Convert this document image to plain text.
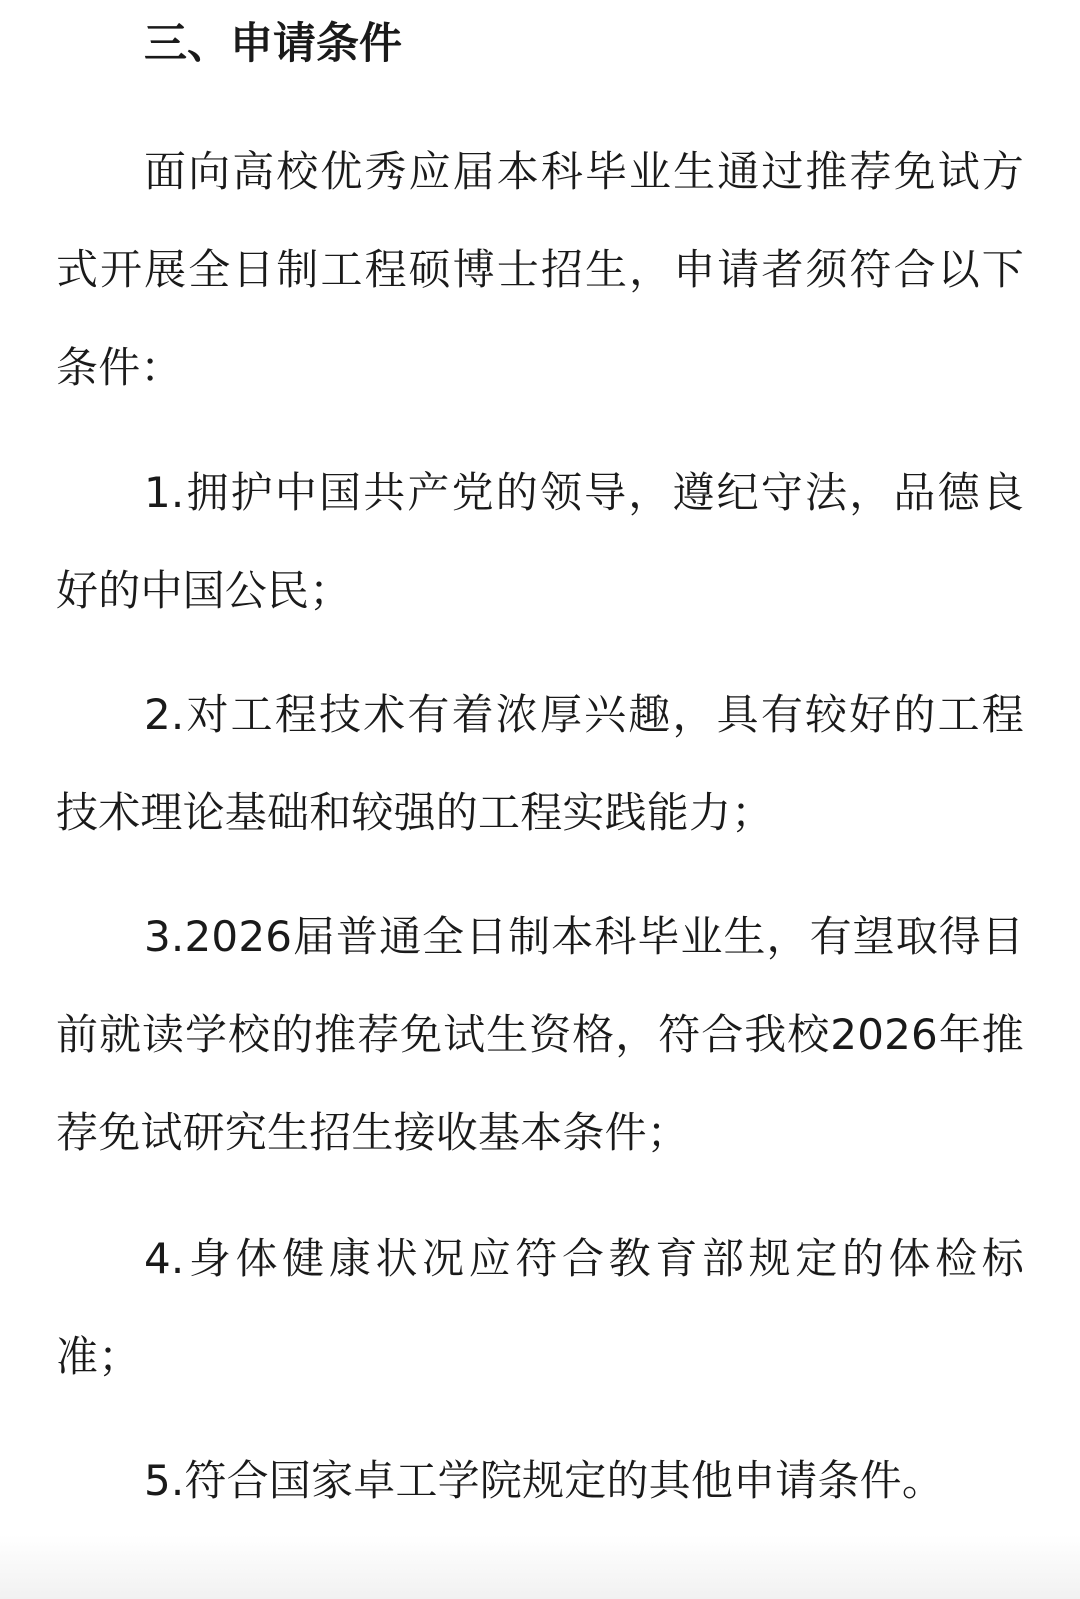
三、申请条件

面向高校优秀应届本科毕业生通过推荐免试方式开展全日制工程硕博士招生，申请者须符合以下条件：

1.拥护中国共产党的领导，遵纪守法，品德良好的中国公民；

2.对工程技术有着浓厚兴趣，具有较好的工程技术理论基础和较强的工程实践能力；

3.2026届普通全日制本科毕业生，有望取得目前就读学校的推荐免试生资格，符合我校2026年推荐免试研究生招生接收基本条件；

4.身体健康状况应符合教育部规定的体检标准；

5.符合国家卓工学院规定的其他申请条件。
